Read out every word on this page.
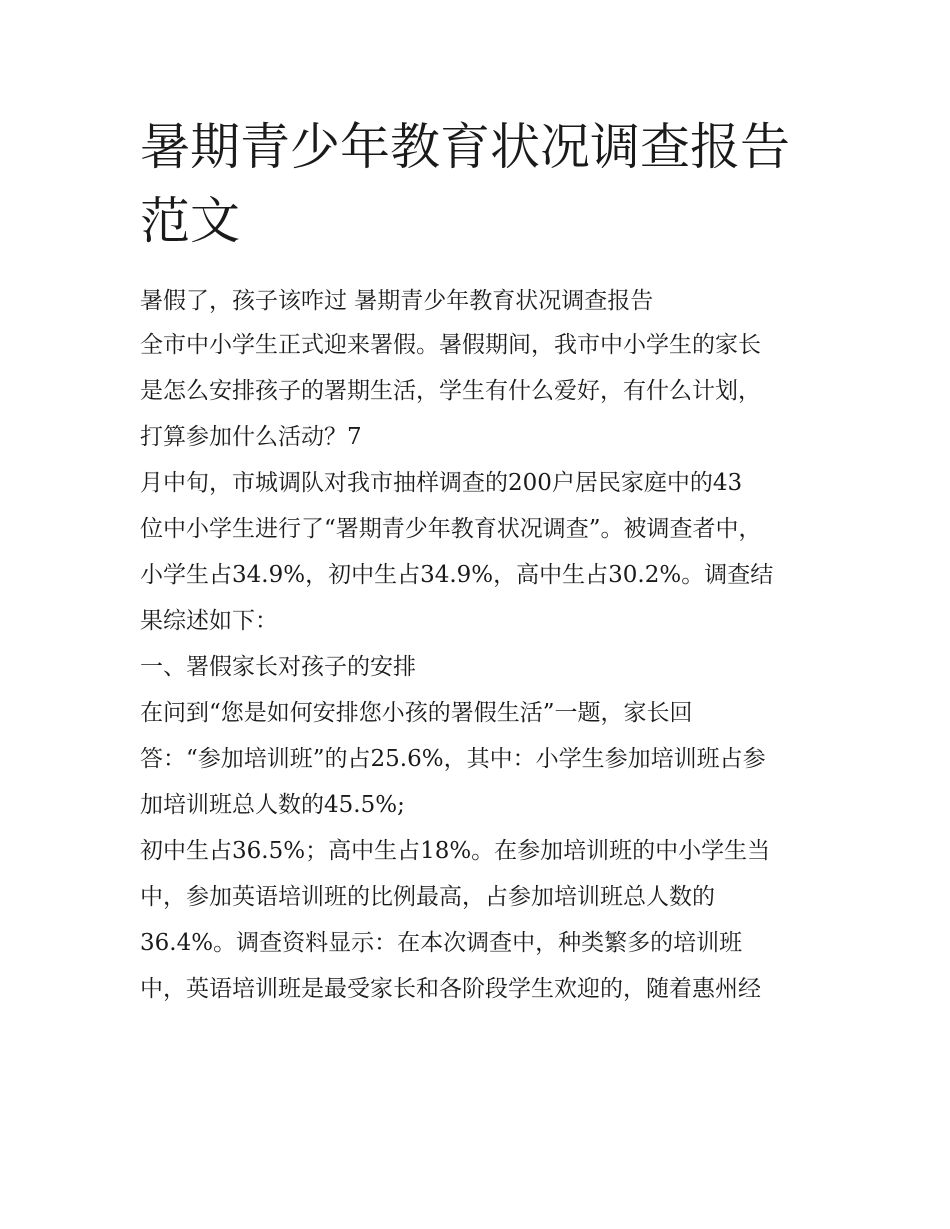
暑期青少年教育状况调查报告
范文
暑假了，孩子该咋过 暑期青少年教育状况调查报告
全市中小学生正式迎来署假。暑假期间，我市中小学生的家长
是怎么安排孩子的署期生活，学生有什么爱好，有什么计划，
打算参加什么活动？7
月中旬，市城调队对我市抽样调查的200户居民家庭中的43
位中小学生进行了“署期青少年教育状况调查”。被调查者中，
小学生占34.9%，初中生占34.9%，高中生占30.2%。调查结
果综述如下：
一、署假家长对孩子的安排
在问到“您是如何安排您小孩的署假生活”一题，家长回
答：“参加培训班”的占25.6%，其中：小学生参加培训班占参
加培训班总人数的45.5%;
初中生占36.5%；高中生占18%。在参加培训班的中小学生当
中，参加英语培训班的比例最高，占参加培训班总人数的
36.4%。调查资料显示：在本次调查中，种类繁多的培训班
中，英语培训班是最受家长和各阶段学生欢迎的，随着惠州经
